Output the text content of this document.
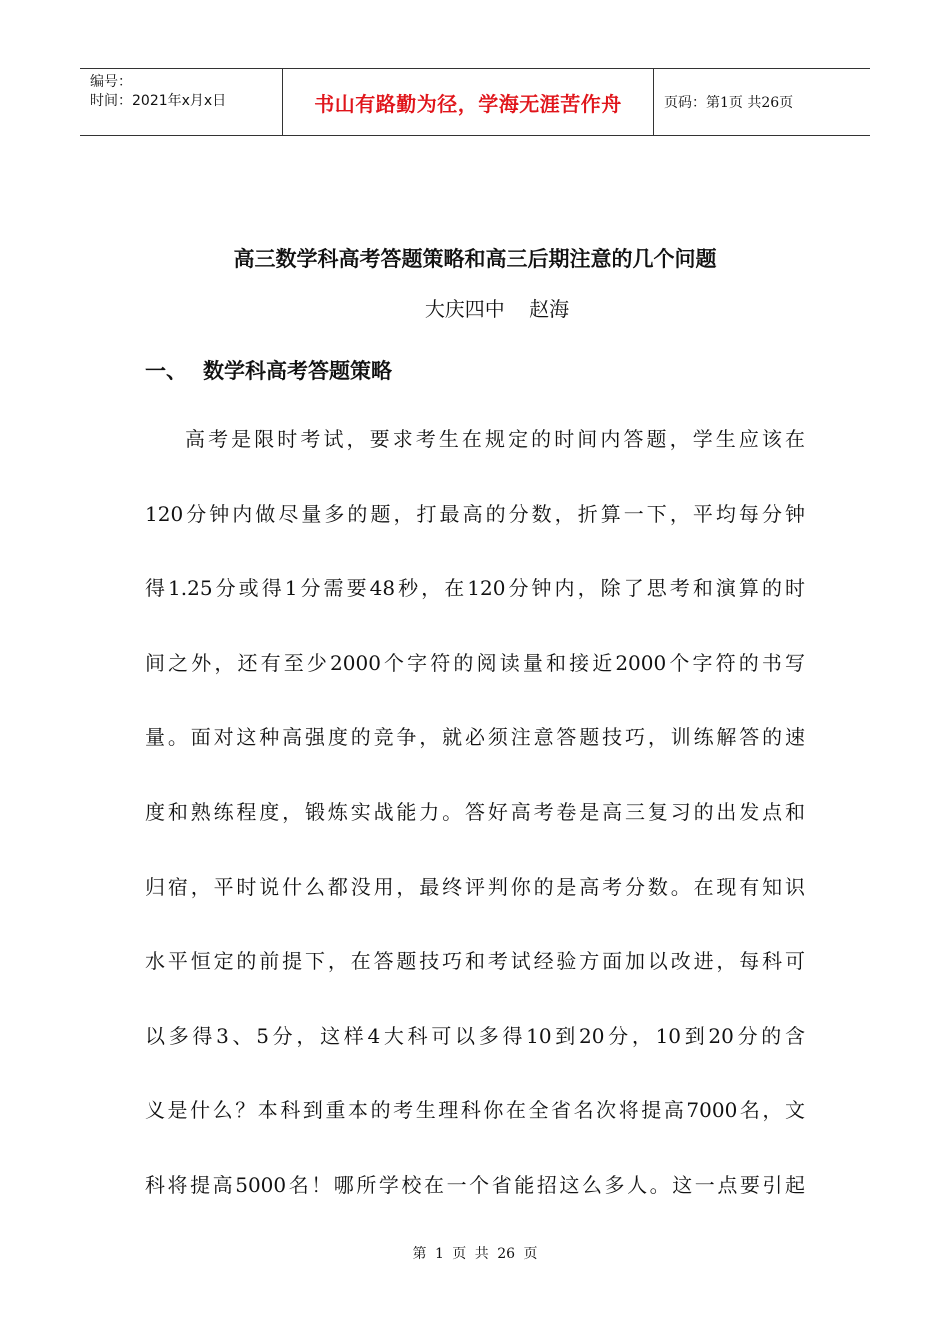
编号：
时间：2021年x月x日	书山有路勤为径，学海无涯苦作舟	页码：第1页 共26页
高三数学科高考答题策略和高三后期注意的几个问题
大庆四中 赵海
一、 数学科高考答题策略
高考是限时考试，要求考生在规定的时间内答题，学生应该在
120分钟内做尽量多的题，打最高的分数，折算一下，平均每分钟
得1.25分或得1分需要48秒，在120分钟内，除了思考和演算的时
间之外，还有至少2000个字符的阅读量和接近2000个字符的书写
量。面对这种高强度的竞争，就必须注意答题技巧，训练解答的速
度和熟练程度，锻炼实战能力。答好高考卷是高三复习的出发点和
归宿，平时说什么都没用，最终评判你的是高考分数。在现有知识
水平恒定的前提下，在答题技巧和考试经验方面加以改进，每科可
以多得3、5分，这样4大科可以多得10到20分，10到20分的含
义是什么？本科到重本的考生理科你在全省名次将提高7000名，文
科将提高5000名！哪所学校在一个省能招这么多人。这一点要引起
第 1 页 共 26 页
